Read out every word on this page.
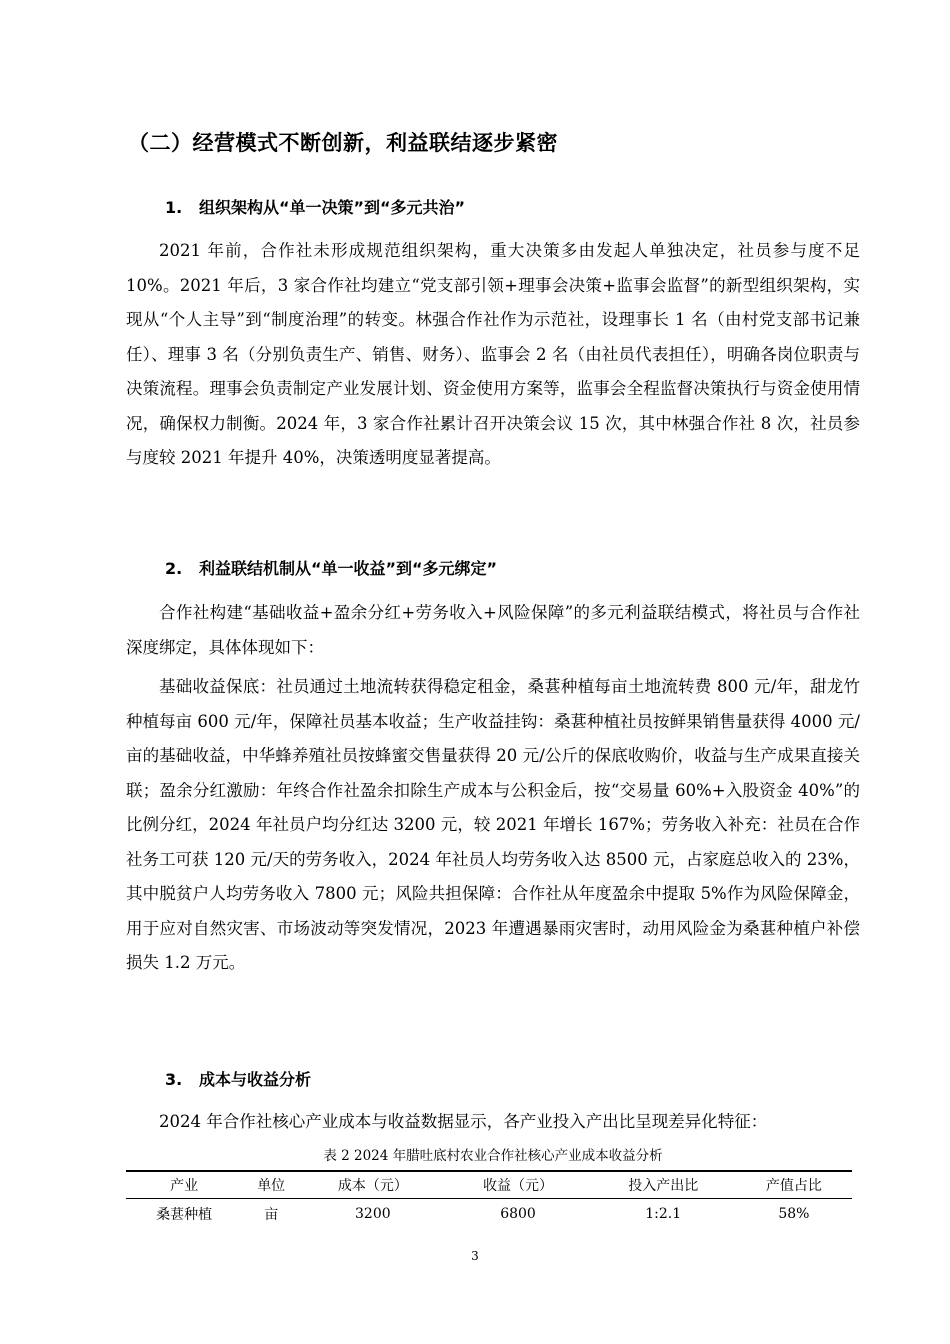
（二）经营模式不断创新，利益联结逐步紧密
1. 组织架构从“单一决策”到“多元共治”

2021 年前，合作社未形成规范组织架构，重大决策多由发起人单独决定，社员参与度不足 10%。2021 年后，3 家合作社均建立“党支部引领+理事会决策+监事会监督”的新型组织架构，实现从“个人主导”到“制度治理”的转变。林强合作社作为示范社，设理事长 1 名（由村党支部书记兼任）、理事 3 名（分别负责生产、销售、财务）、监事会 2 名（由社员代表担任），明确各岗位职责与决策流程。理事会负责制定产业发展计划、资金使用方案等，监事会全程监督决策执行与资金使用情况，确保权力制衡。2024 年，3 家合作社累计召开决策会议 15 次，其中林强合作社 8 次，社员参与度较 2021 年提升 40%，决策透明度显著提高。

2. 利益联结机制从“单一收益”到“多元绑定”

合作社构建“基础收益+盈余分红+劳务收入+风险保障”的多元利益联结模式，将社员与合作社深度绑定，具体体现如下：

基础收益保底：社员通过土地流转获得稳定租金，桑葚种植每亩土地流转费 800 元/年，甜龙竹种植每亩 600 元/年，保障社员基本收益；生产收益挂钩：桑葚种植社员按鲜果销售量获得 4000 元/亩的基础收益，中华蜂养殖社员按蜂蜜交售量获得 20 元/公斤的保底收购价，收益与生产成果直接关联；盈余分红激励：年终合作社盈余扣除生产成本与公积金后，按“交易量 60%+入股资金 40%”的比例分红，2024 年社员户均分红达 3200 元，较 2021 年增长 167%；劳务收入补充：社员在合作社务工可获 120 元/天的劳务收入，2024 年社员人均劳务收入达 8500 元，占家庭总收入的 23%，其中脱贫户人均劳务收入 7800 元；风险共担保障：合作社从年度盈余中提取 5%作为风险保障金，用于应对自然灾害、市场波动等突发情况，2023 年遭遇暴雨灾害时，动用风险金为桑葚种植户补偿损失 1.2 万元。

3. 成本与收益分析

2024 年合作社核心产业成本与收益数据显示，各产业投入产出比呈现差异化特征：

表 2 2024 年腊吐底村农业合作社核心产业成本收益分析
产业	单位	成本（元）	收益（元）	投入产出比	产值占比
桑葚种植	亩	3200	6800	1:2.1	58%
3
